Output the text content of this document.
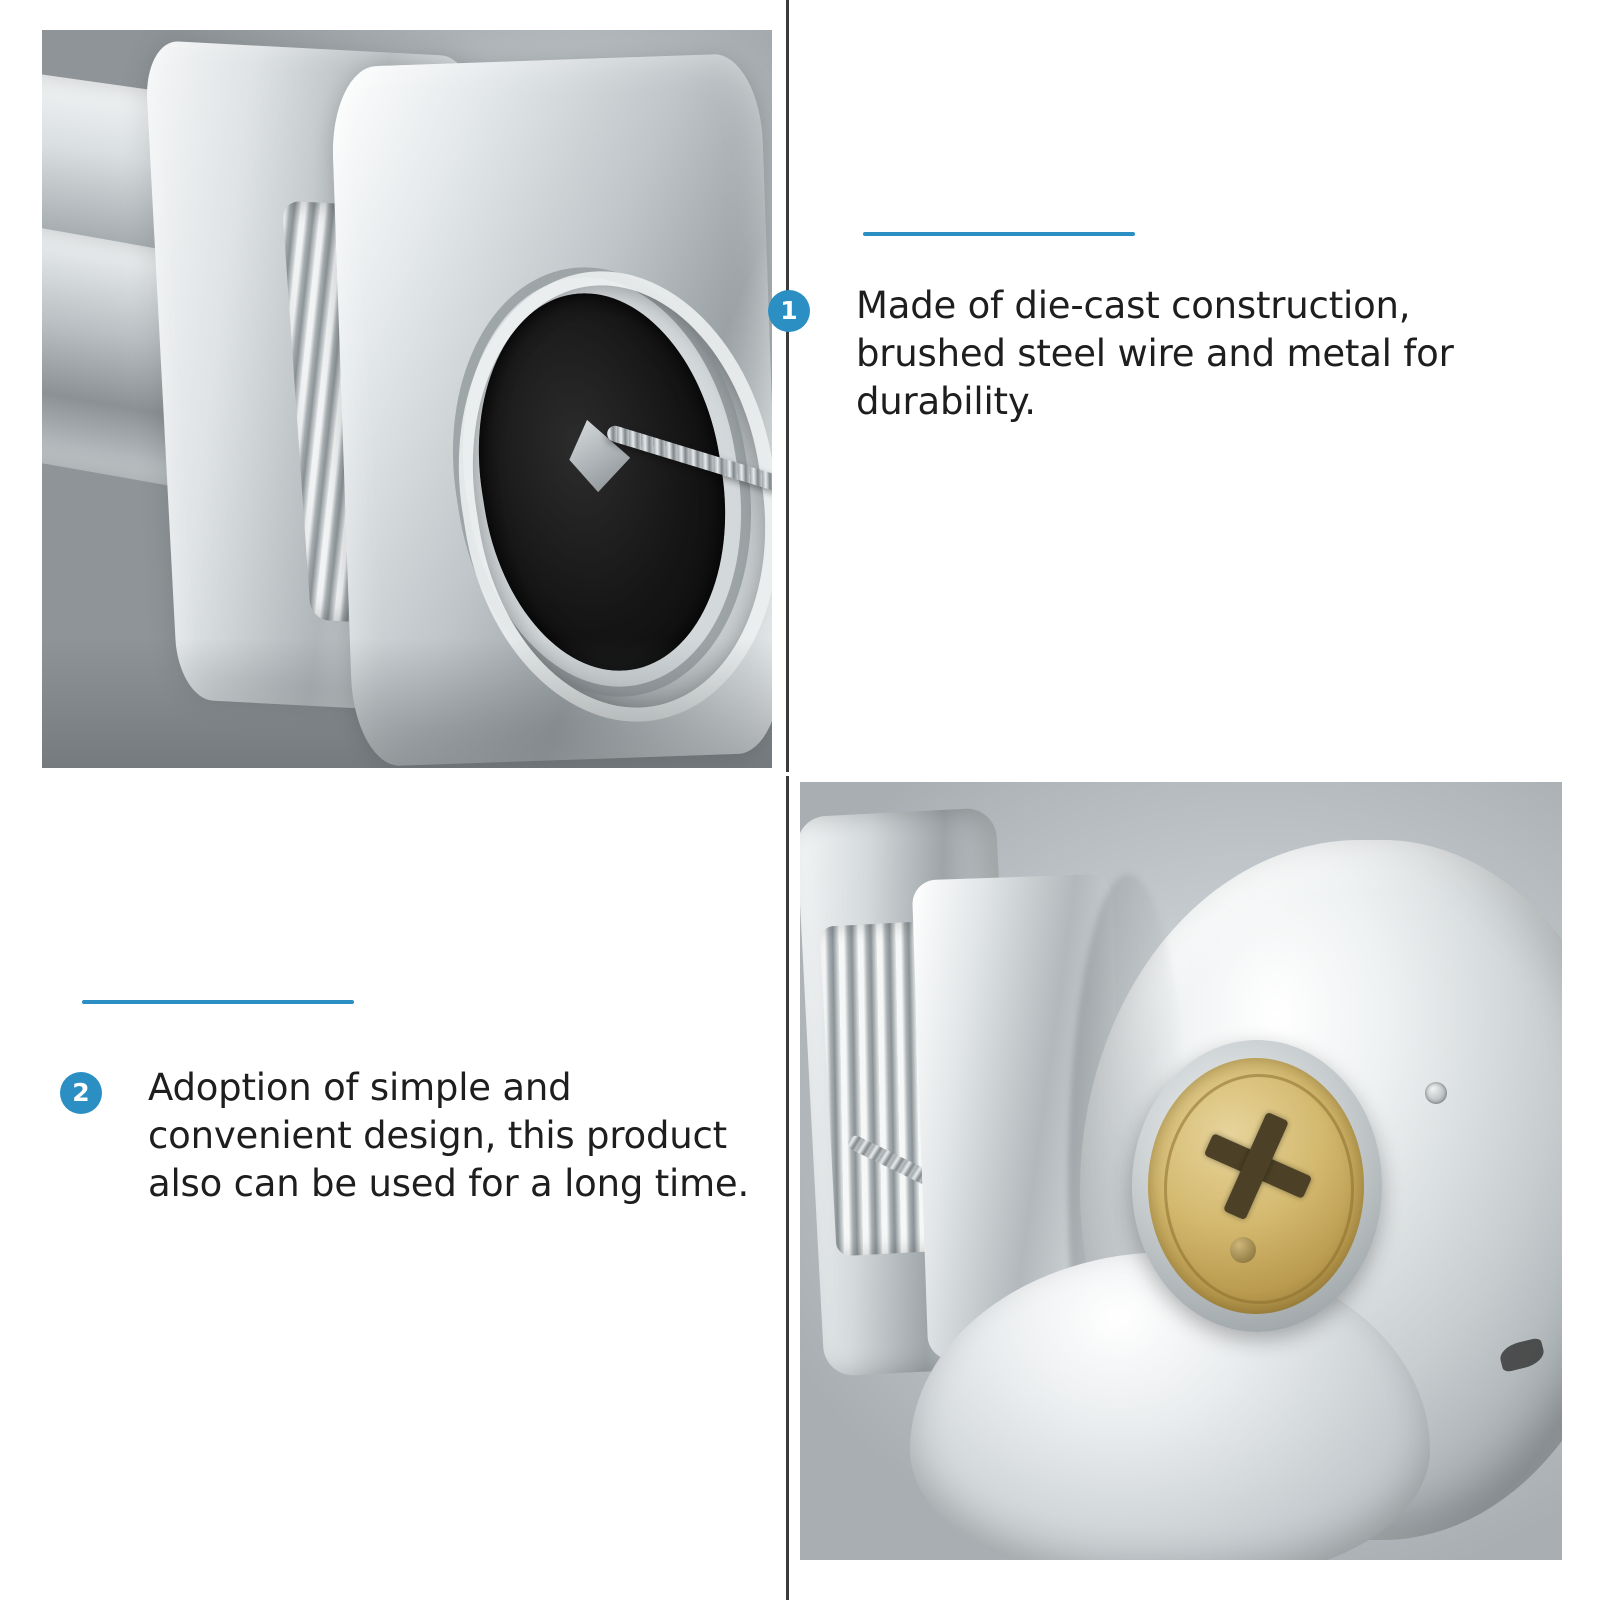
1	Made of die-cast construction, brushed steel wire and metal for durability.
2	Adoption of simple and convenient design, this product also can be used for a long time.
